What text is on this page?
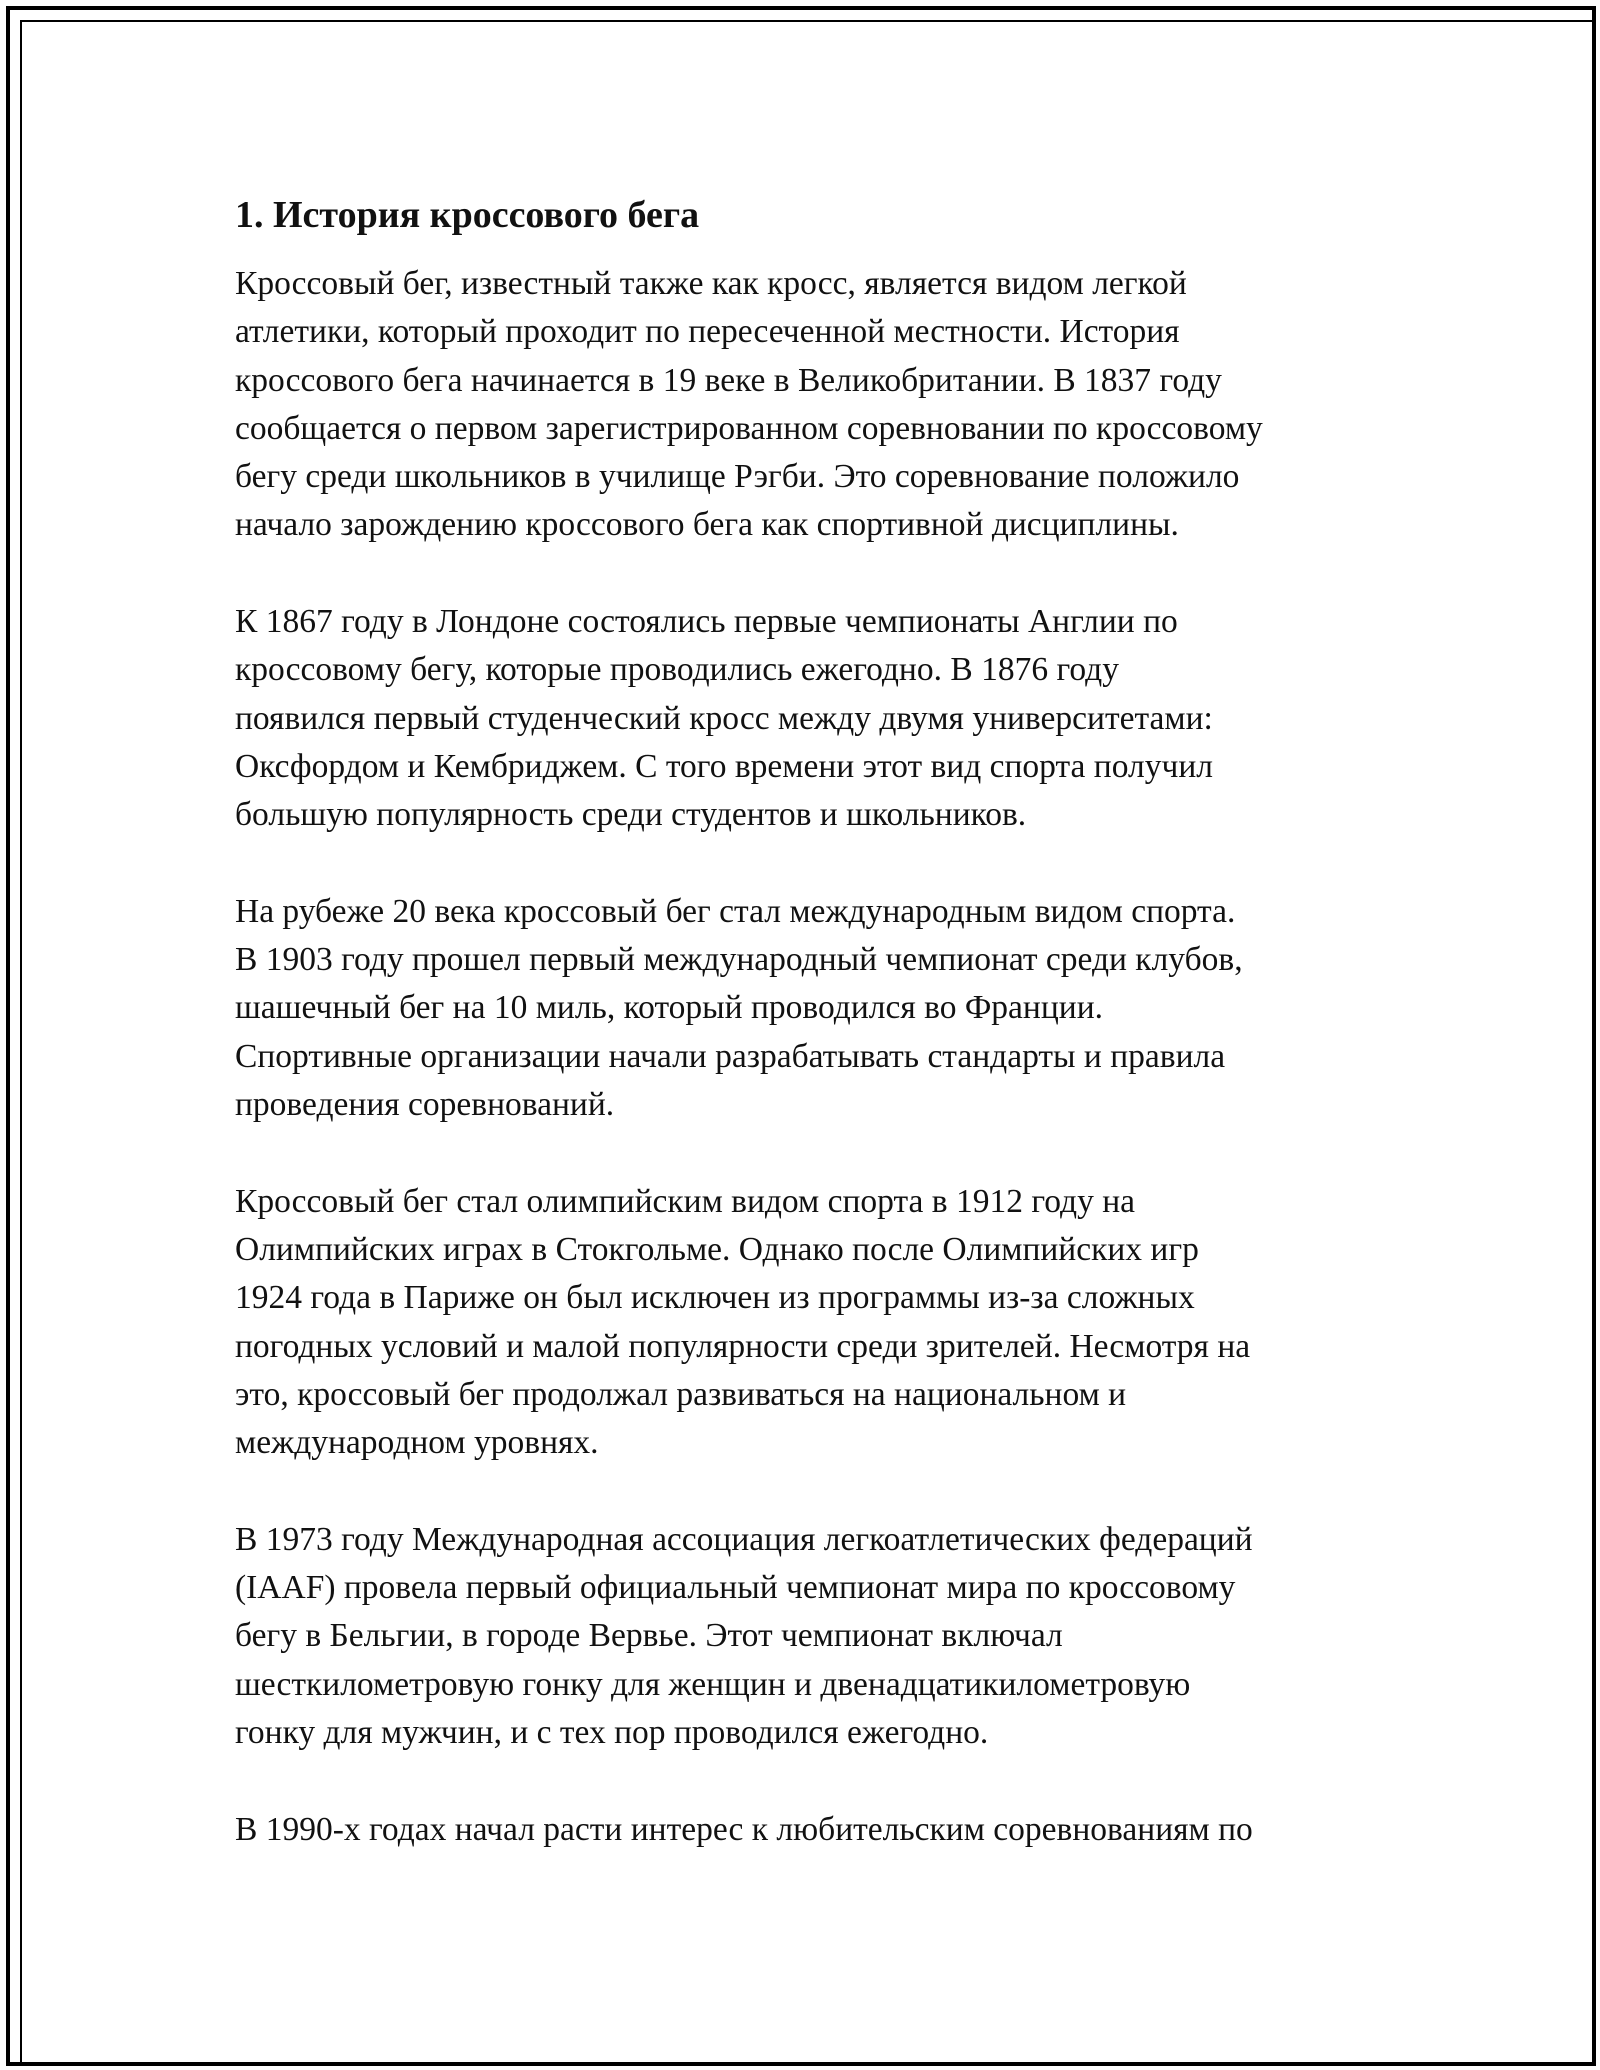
1. История кроссового бега

Кроссовый бег, известный также как кросс, является видом легкой
атлетики, который проходит по пересеченной местности. История
кроссового бега начинается в 19 веке в Великобритании. В 1837 году
сообщается о первом зарегистрированном соревновании по кроссовому
бегу среди школьников в училище Рэгби. Это соревнование положило
начало зарождению кроссового бега как спортивной дисциплины.

К 1867 году в Лондоне состоялись первые чемпионаты Англии по
кроссовому бегу, которые проводились ежегодно. В 1876 году
появился первый студенческий кросс между двумя университетами:
Оксфордом и Кембриджем. С того времени этот вид спорта получил
большую популярность среди студентов и школьников.

На рубеже 20 века кроссовый бег стал международным видом спорта.
В 1903 году прошел первый международный чемпионат среди клубов,
шашечный бег на 10 миль, который проводился во Франции.
Спортивные организации начали разрабатывать стандарты и правила
проведения соревнований.

Кроссовый бег стал олимпийским видом спорта в 1912 году на
Олимпийских играх в Стокгольме. Однако после Олимпийских игр
1924 года в Париже он был исключен из программы из-за сложных
погодных условий и малой популярности среди зрителей. Несмотря на
это, кроссовый бег продолжал развиваться на национальном и
международном уровнях.

В 1973 году Международная ассоциация легкоатлетических федераций
(IAAF) провела первый официальный чемпионат мира по кроссовому
бегу в Бельгии, в городе Вервье. Этот чемпионат включал
шесткилометровую гонку для женщин и двенадцатикилометровую
гонку для мужчин, и с тех пор проводился ежегодно.

В 1990-х годах начал расти интерес к любительским соревнованиям по
